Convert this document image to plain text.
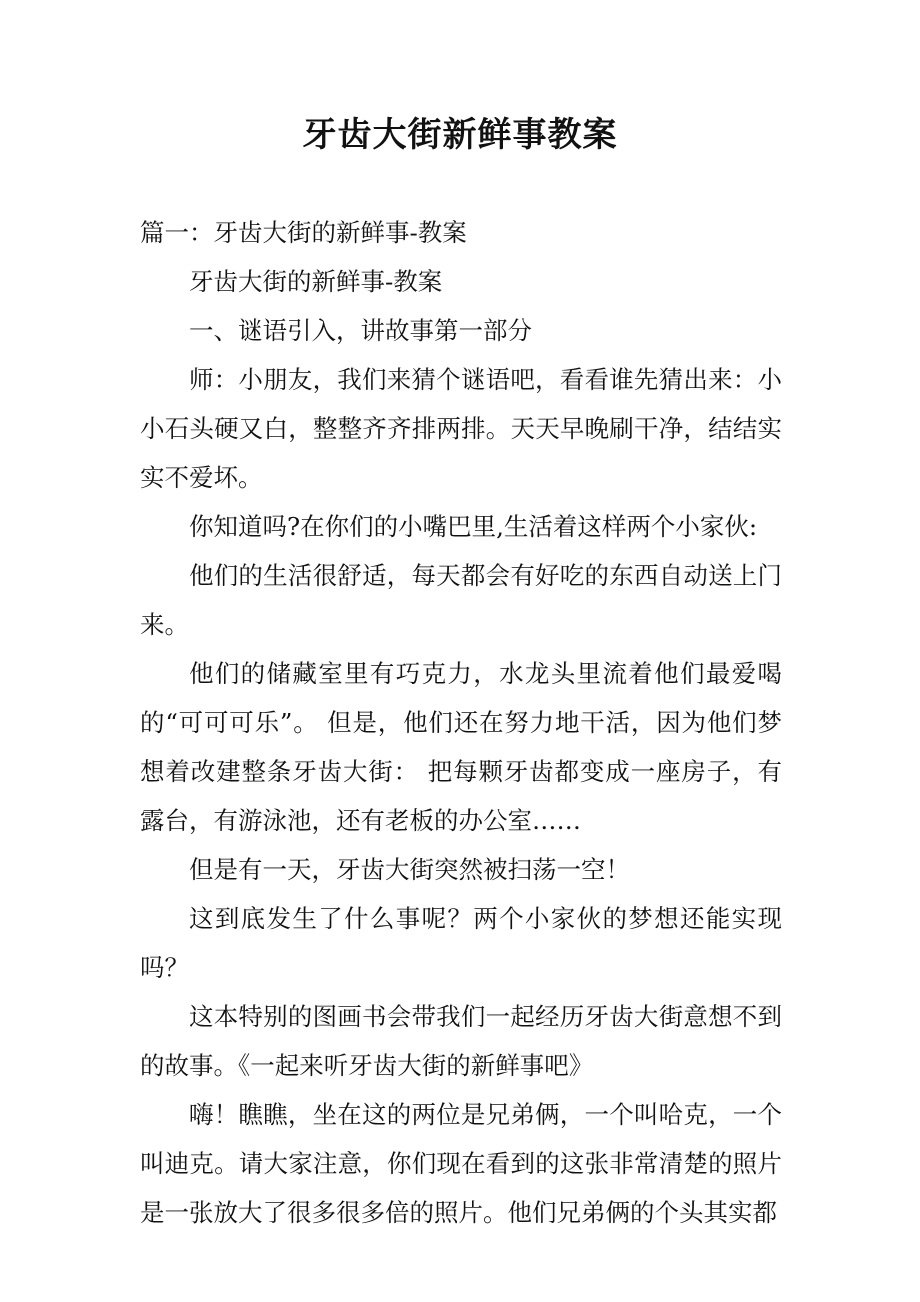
牙齿大街新鲜事教案

篇一：牙齿大街的新鲜事-教案

牙齿大街的新鲜事-教案

一、谜语引入，讲故事第一部分

师：小朋友，我们来猜个谜语吧，看看谁先猜出来：小小石头硬又白，整整齐齐排两排。天天早晚刷干净，结结实实不爱坏。

你知道吗?在你们的小嘴巴里,生活着这样两个小家伙:

他们的生活很舒适，每天都会有好吃的东西自动送上门来。

他们的储藏室里有巧克力，水龙头里流着他们最爱喝的“可可可乐”。 但是，他们还在努力地干活，因为他们梦想着改建整条牙齿大街： 把每颗牙齿都变成一座房子，有露台，有游泳池，还有老板的办公室……

但是有一天，牙齿大街突然被扫荡一空！

这到底发生了什么事呢？两个小家伙的梦想还能实现吗？

这本特别的图画书会带我们一起经历牙齿大街意想不到的故事。《一起来听牙齿大街的新鲜事吧》

嗨！瞧瞧，坐在这的两位是兄弟俩，一个叫哈克，一个叫迪克。请大家注意，你们现在看到的这张非常清楚的照片是一张放大了很多很多倍的照片。他们兄弟俩的个头其实都
